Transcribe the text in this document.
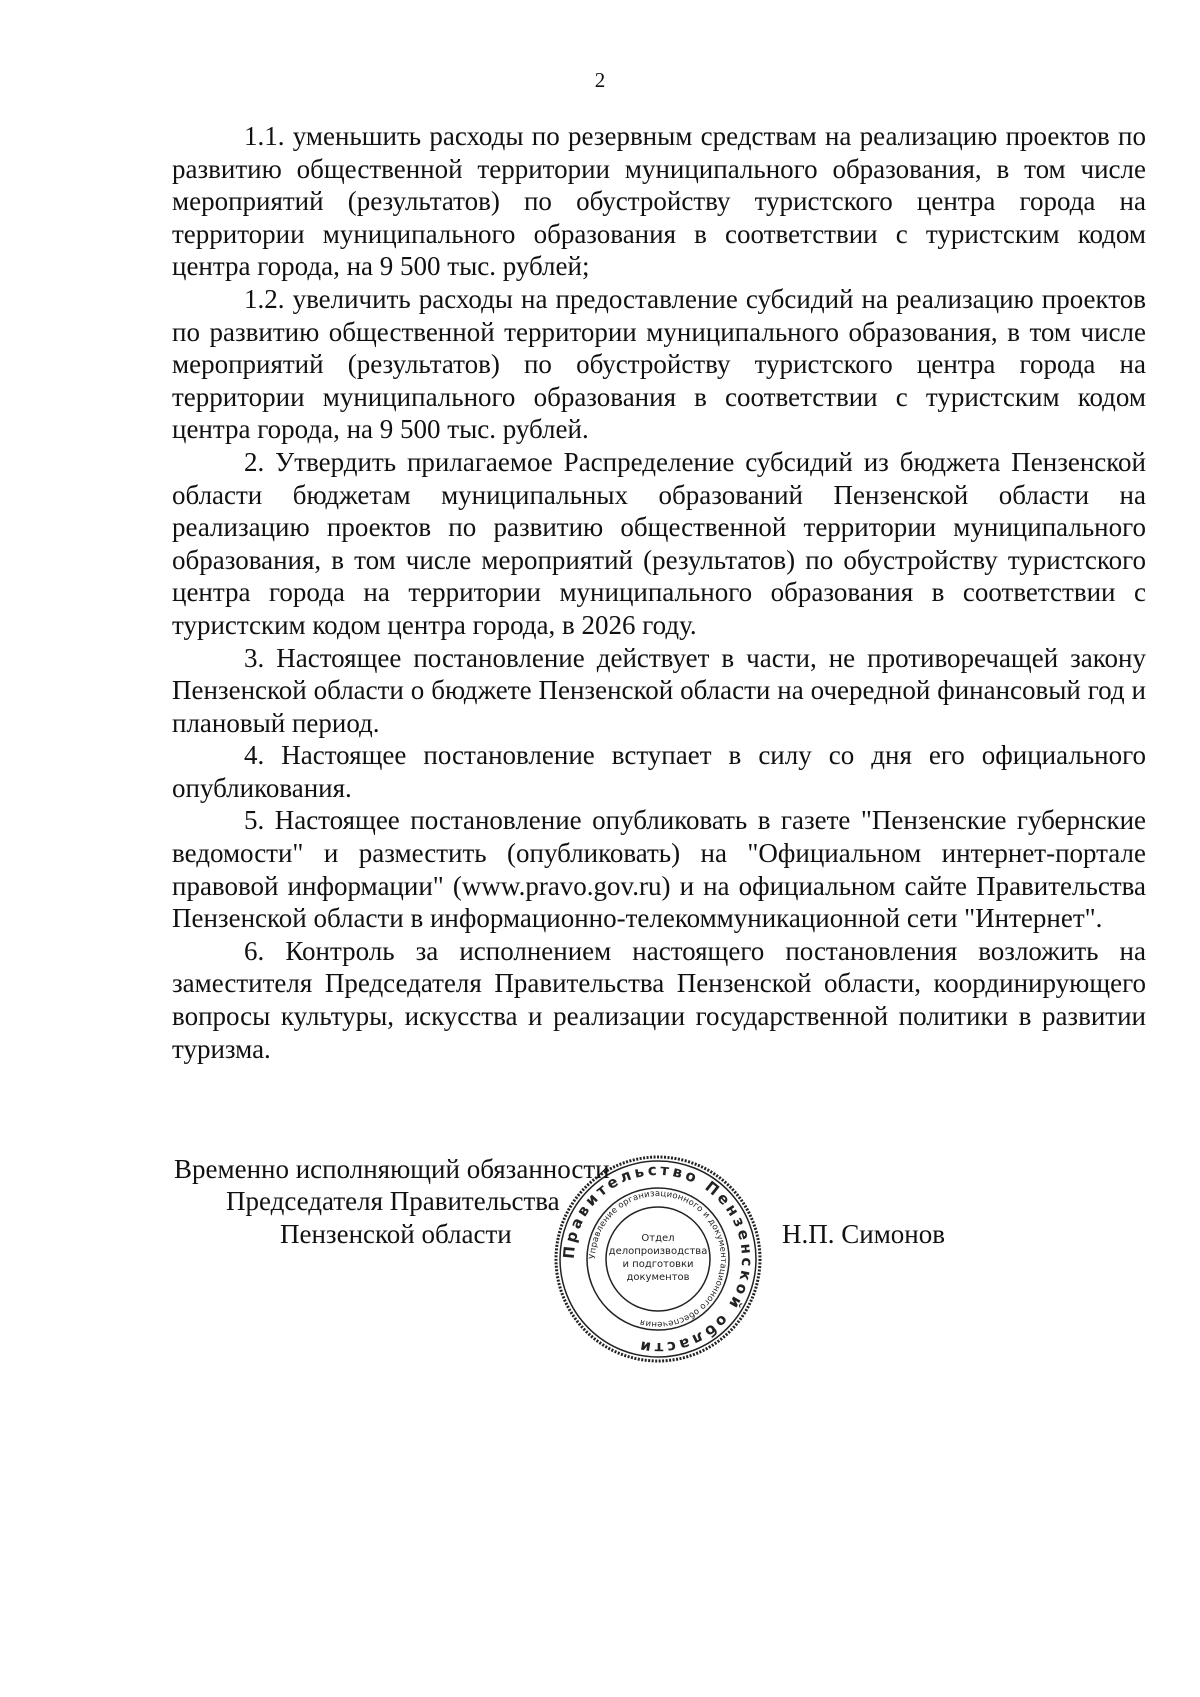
2

1.1. уменьшить расходы по резервным средствам на реализацию проектов по развитию общественной территории муниципального образования, в том числе мероприятий (результатов) по обустройству туристского центра города на территории муниципального образования в соответствии с туристским кодом центра города, на 9 500 тыс. рублей;

1.2. увеличить расходы на предоставление субсидий на реализацию проектов по развитию общественной территории муниципального образования, в том числе мероприятий (результатов) по обустройству туристского центра города на территории муниципального образования в соответствии с туристским кодом центра города, на 9 500 тыс. рублей.

2. Утвердить прилагаемое Распределение субсидий из бюджета Пензенской области бюджетам муниципальных образований Пензенской области на реализацию проектов по развитию общественной территории муниципального образования, в том числе мероприятий (результатов) по обустройству туристского центра города на территории муниципального образования в соответствии с туристским кодом центра города, в 2026 году.

3. Настоящее постановление действует в части, не противоречащей закону Пензенской области о бюджете Пензенской области на очередной финансовый год и плановый период.

4. Настоящее постановление вступает в силу со дня его официального опубликования.

5. Настоящее постановление опубликовать в газете "Пензенские губернские ведомости" и разместить (опубликовать) на "Официальном интернет-портале правовой информации" (www.pravo.gov.ru) и на официальном сайте Правительства Пензенской области в информационно-телекоммуникационной сети "Интернет".

6. Контроль за исполнением настоящего постановления возложить на заместителя Председателя Правительства Пензенской области, координирующего вопросы культуры, искусства и реализации государственной политики в развитии туризма.

Правительство Пензенской области
Управление организационного и документационного обеспечения
Отдел
делопроизводства
и подготовки
документов
Временно исполняющий обязанности
Председателя Правительства
Пензенской области	Н.П. Симонов
